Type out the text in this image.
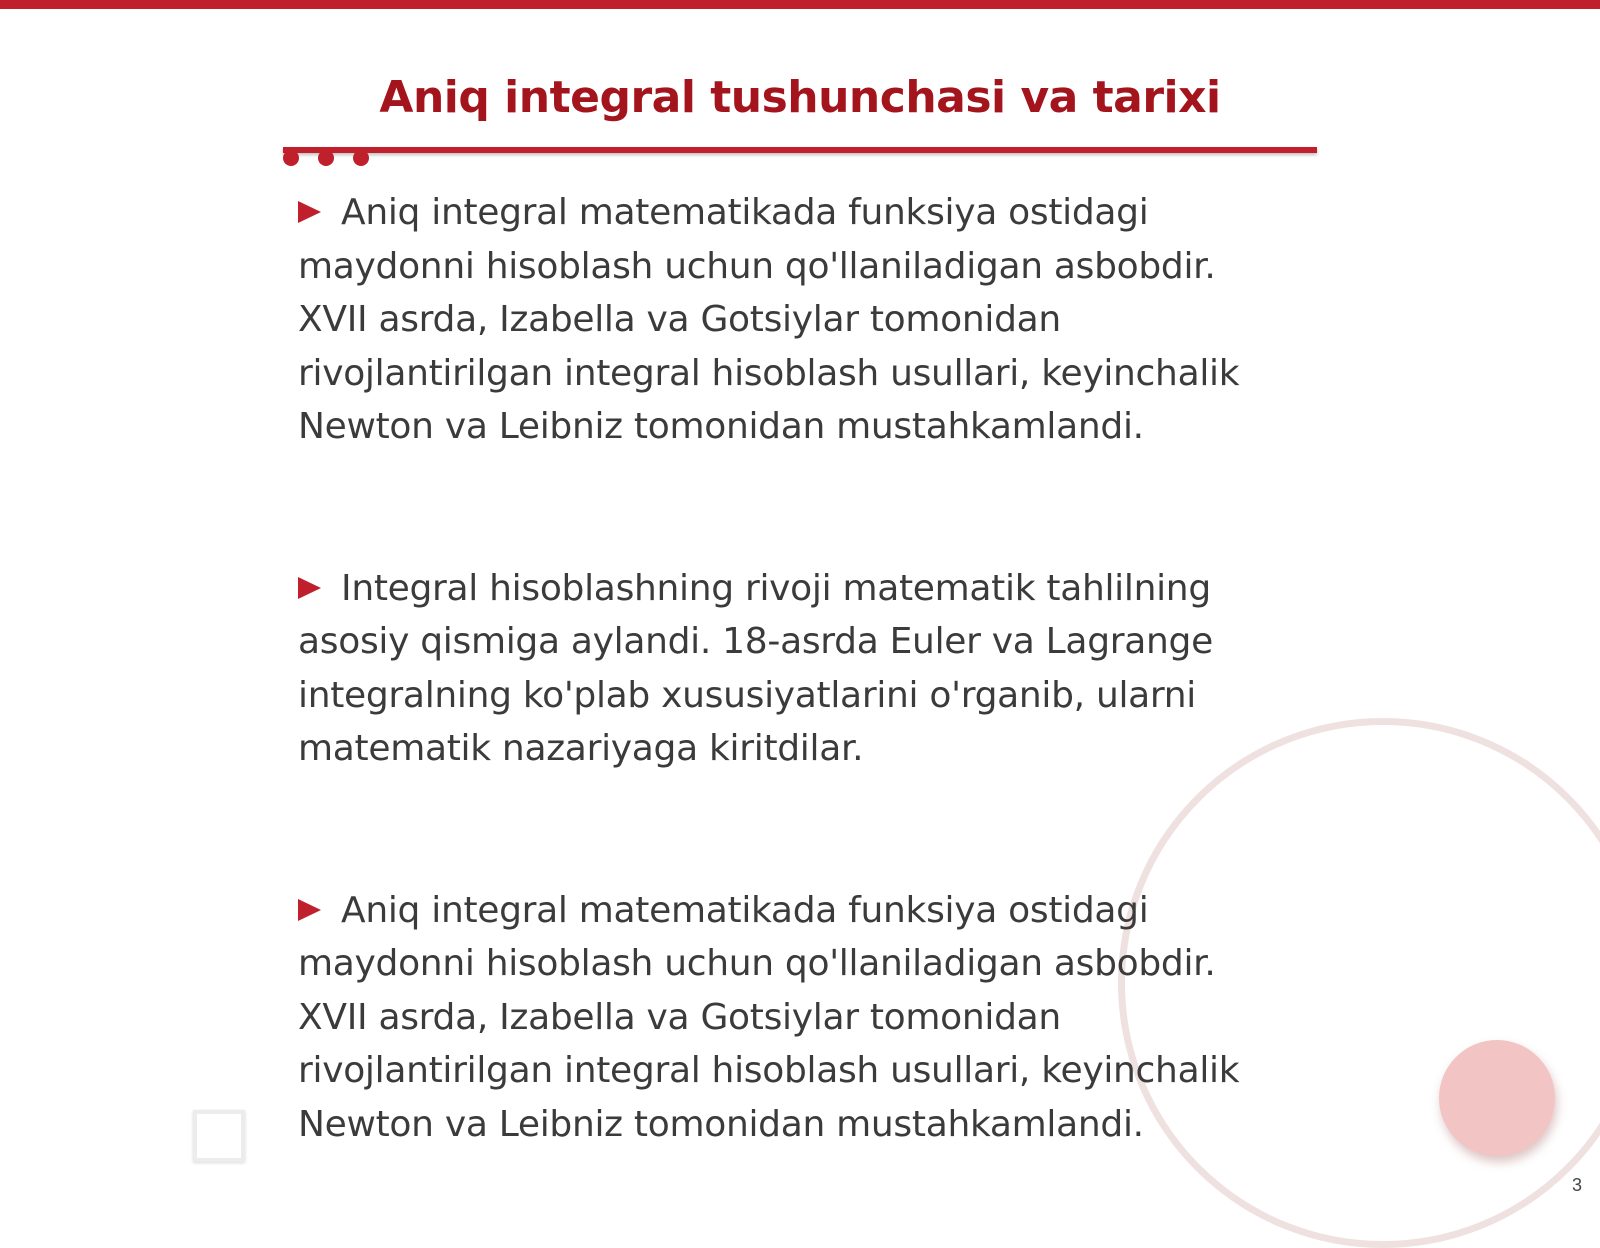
Aniq integral tushunchasi va tarixi
Aniq integral matematikada funksiya ostidagi maydonni hisoblash uchun qo'llaniladigan asbobdir. XVII asrda, Izabella va Gotsiylar tomonidan rivojlantirilgan integral hisoblash usullari, keyinchalik Newton va Leibniz tomonidan mustahkamlandi.
Integral hisoblashning rivoji matematik tahlilning asosiy qismiga aylandi. 18-asrda Euler va Lagrange integralning ko'plab xususiyatlarini o'rganib, ularni matematik nazariyaga kiritdilar.
Aniq integral matematikada funksiya ostidagi maydonni hisoblash uchun qo'llaniladigan asbobdir. XVII asrda, Izabella va Gotsiylar tomonidan rivojlantirilgan integral hisoblash usullari, keyinchalik Newton va Leibniz tomonidan mustahkamlandi.
3
